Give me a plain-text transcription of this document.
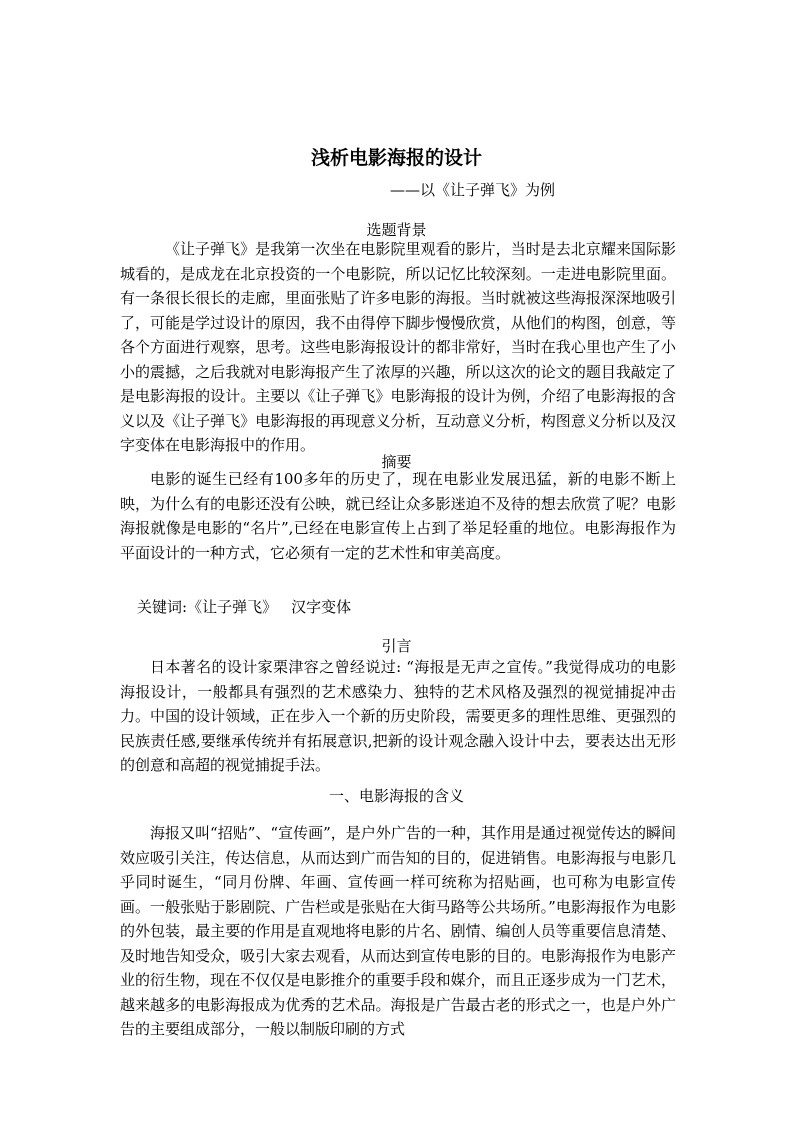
浅析电影海报的设计
——以《让子弹飞》为例
选题背景

《让子弹飞》是我第一次坐在电影院里观看的影片，当时是去北京耀来国际影城看的，是成龙在北京投资的一个电影院，所以记忆比较深刻。一走进电影院里面。有一条很长很长的走廊，里面张贴了许多电影的海报。当时就被这些海报深深地吸引了，可能是学过设计的原因，我不由得停下脚步慢慢欣赏，从他们的构图，创意，等各个方面进行观察，思考。这些电影海报设计的都非常好，当时在我心里也产生了小小的震撼，之后我就对电影海报产生了浓厚的兴趣，所以这次的论文的题目我敲定了是电影海报的设计。主要以《让子弹飞》电影海报的设计为例，介绍了电影海报的含义以及《让子弹飞》电影海报的再现意义分析，互动意义分析，构图意义分析以及汉字变体在电影海报中的作用。

摘要

电影的诞生已经有100多年的历史了，现在电影业发展迅猛，新的电影不断上映，为什么有的电影还没有公映，就已经让众多影迷迫不及待的想去欣赏了呢？电影海报就像是电影的“名片”,已经在电影宣传上占到了举足轻重的地位。电影海报作为平面设计的一种方式，它必须有一定的艺术性和审美高度。

关键词:《让子弹飞》 汉字变体
引言

日本著名的设计家栗津容之曾经说过: “海报是无声之宣传。”我觉得成功的电影海报设计，一般都具有强烈的艺术感染力、独特的艺术风格及强烈的视觉捕捉冲击力。中国的设计领域，正在步入一个新的历史阶段，需要更多的理性思维、更强烈的民族责任感,要继承传统并有拓展意识,把新的设计观念融入设计中去，要表达出无形的创意和高超的视觉捕捉手法。

一、电影海报的含义

海报又叫“招贴”、“宣传画”，是户外广告的一种，其作用是通过视觉传达的瞬间效应吸引关注，传达信息，从而达到广而告知的目的，促进销售。电影海报与电影几乎同时诞生，“同月份牌、年画、宣传画一样可统称为招贴画，也可称为电影宣传画。一般张贴于影剧院、广告栏或是张贴在大街马路等公共场所。”电影海报作为电影的外包装，最主要的作用是直观地将电影的片名、剧情、编创人员等重要信息清楚、及时地告知受众，吸引大家去观看，从而达到宣传电影的目的。电影海报作为电影产业的衍生物，现在不仅仅是电影推介的重要手段和媒介，而且正逐步成为一门艺术，越来越多的电影海报成为优秀的艺术品。海报是广告最古老的形式之一，也是户外广告的主要组成部分，一般以制版印刷的方式
